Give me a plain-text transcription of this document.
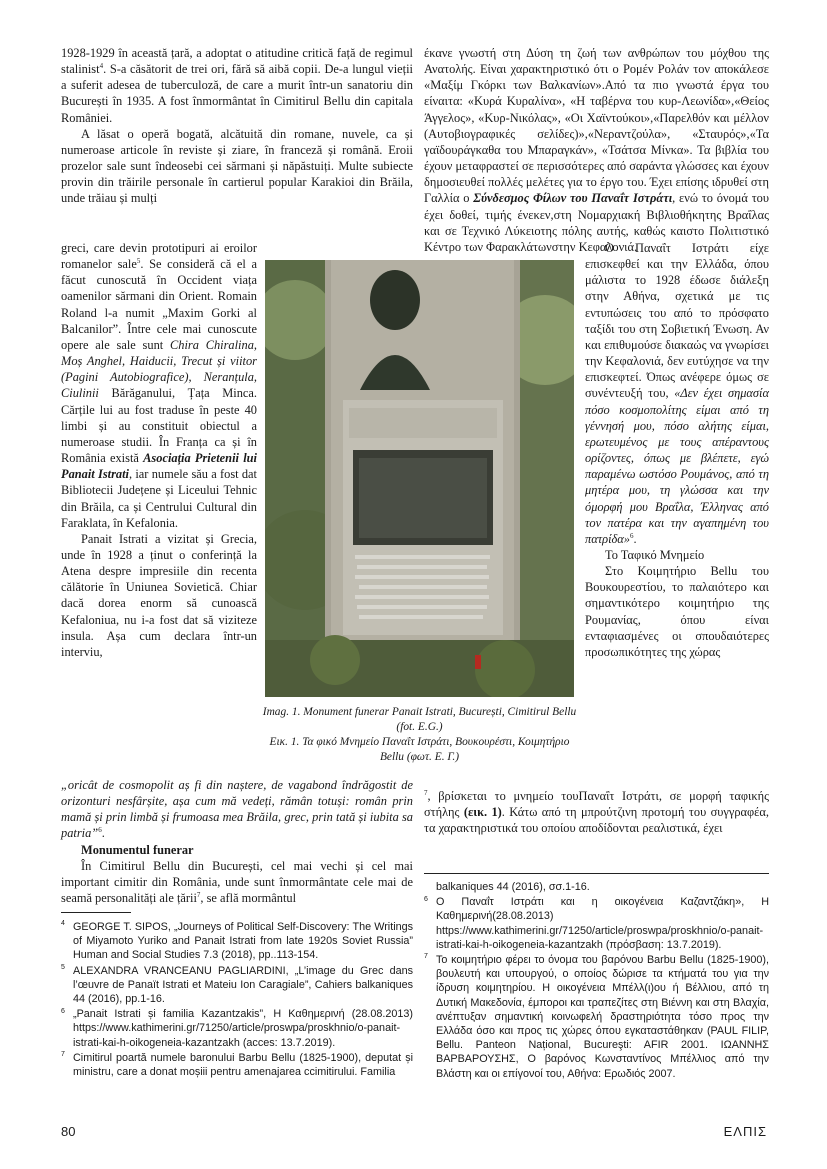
1928-1929 în această țară, a adoptat o atitudine critică față de regimul stalinist$^4$. S-a căsătorit de trei ori, fără să aibă copii. De-a lungul vieții a suferit adesea de tuberculoză, de care a murit într-un sanatoriu din București în 1935. A fost înmormântat în Cimitirul Bellu din capitala României.

A lăsat o operă bogată, alcătuită din romane, nuvele, ca și numeroase articole în reviste și ziare, în franceză și română. Eroii prozelor sale sunt îndeosebi cei sărmani și năpăstuiți. Multe subiecte provin din trăirile personale în cartierul popular Karakioi din Brăila, unde trăiau și mulți

greci, care devin prototipuri ai eroilor romanelor sale$^5$. Se consideră că el a făcut cunoscută în Occident viața oamenilor sărmani din Orient. Romain Roland l-a numit „Maxim Gorki al Balcanilor”. Între cele mai cunoscute opere ale sale sunt Chira Chiralina, Moș Anghel, Haiducii, Trecut și viitor (Pagini Autobiografice), Neranțula, Ciulinii Bărăganului, Țața Minca. Cărțile lui au fost traduse în peste 40 limbi și au constituit obiectul a numeroase studii. În Franța ca și în România există Asociația Prietenii lui Panait Istrati, iar numele său a fost dat Bibliotecii Județene și Liceului Tehnic din Brăila, ca și Centrului Cultural din Faraklata, în Kefalonia.

Panait Istrati a vizitat și Grecia, unde în 1928 a ținut o conferință la Atena despre impresiile din recenta călătorie în Uniunea Sovietică. Chiar dacă dorea enorm să cunoască Kefaloniua, nu i-a fost dat să viziteze insula. Așa cum declara într-un interviu,

„oricât de cosmopolit aș fi din naștere, de vagabond îndrăgostit de orizonturi nesfârșite, așa cum mă vedeți, rămân totuși: român prin mamă și prin limbă și frumoasa mea Brăila, grec, prin tată și iubita sa patria”$^6$.

Monumentul funerar

În Cimitirul Bellu din București, cel mai vechi și cel mai important cimitir din România, unde sunt înmormântate cele mai de seamă personalități ale țării$^7$, se află mormântul

έκανε γνωστή στη Δύση τη ζωή των ανθρώπων του μόχθου της Ανατολής. Είναι χαρακτηριστικό ότι ο Ρομέν Ρολάν τον αποκάλεσε «Μαξίμ Γκόρκι των Βαλκανίων».Από τα πιο γνωστά έργα του είναιτα: «Κυρά Κυραλίνα», «Η ταβέρνα του κυρ-Λεωνίδα»,«Θείος Άγγελος», «Κυρ-Νικόλας», «Οι Χαϊντούκοι»,«Παρελθόν και μέλλον (Αυτοβιογραφικές σελίδες)»,«Νεραντζούλα», «Σταυρός»,«Τα γαϊδουράγκαθα του Μπαραγκάν», «Τσάτσα Μίνκα». Τα βιβλία του έχουν μεταφραστεί σε περισσότερες από σαράντα γλώσσες και έχουν δημοσιευθεί πολλές μελέτες για το έργο του. Έχει επίσης ιδρυθεί στη Γαλλία ο Σύνδεσμος Φίλων του Παναΐτ Ιστράτι, ενώ το όνομά του έχει δοθεί, τιμής ένεκεν,στη Νομαρχιακή Βιβλιοθήκητης Βραΐλας και σε Τεχνικό Λύκειοτης πόλης αυτής, καθώς καιστο Πολιτιστικό Κέντρο των Φαρακλάτωνστην Κεφαλονιά.

Ο Παναΐτ Ιστράτι είχε επισκεφθεί και την Ελλάδα, όπου μάλιστα το 1928 έδωσε διάλεξη στην Αθήνα, σχετικά με τις εντυπώσεις του από το πρόσφατο ταξίδι του στη Σοβιετική Ένωση. Αν και επιθυμούσε διακαώς να γνωρίσει την Κεφαλονιά, δεν ευτύχησε να την επισκεφτεί. Όπως ανέφερε όμως σε συνέντευξή του, «Δεν έχει σημασία πόσο κοσμοπολίτης είμαι από τη γέννησή μου, πόσο αλήτης είμαι, ερωτευμένος με τους απέραντους ορίζοντες, όπως με βλέπετε, εγώ παραμένω ωστόσο Ρουμάνος, από τη μητέρα μου, τη γλώσσα και την όμορφή μου Βραΐλα, Έλληνας από τον πατέρα και την αγαπημένη του πατρίδα»$^6$.

Το Ταφικό Μνημείο

Στο Κοιμητήριο Bellu του Βουκουρεστίου, το παλαιότερο και σημαντικότερο κοιμητήριο της Ρουμανίας, όπου είναι ενταφιασμένες οι σπουδαιότερες προσωπικότητες της χώρας

$^7$, βρίσκεται το μνημείο τουΠαναΐτ Ιστράτι, σε μορφή ταφικής στήλης (εικ. 1). Κάτω από τη μπρούτζινη προτομή του συγγραφέα, τα χαρακτηριστικά του οποίου αποδίδονται ρεαλιστικά, έχει

Imag. 1. Monument funerar Panait Istrati, București, Cimitirul Bellu (fot. E.G.)

Εικ. 1. Τα φικό Μνημείο Παναΐτ Ιστράτι, Βουκουρέστι, Κοιμητήριο Bellu (φωτ. Ε. Γ.)

4 GEORGE T. SIPOS, „Journeys of Political Self-Discovery: The Writings of Miyamoto Yuriko and Panait Istrati from late 1920s Soviet Russia” Human and Social Studies 7.3 (2018), pp..113-154.

5 ALEXANDRA VRANCEANU PAGLIARDINI, „L’image du Grec dans l’œuvre de Panaït Istrati et Mateiu Ion Caragiale”, Cahiers balkaniques 44 (2016), pp.1-16.

6 „Panait Istrati și familia Kazantzakis”, Η Καθημερινή (28.08.2013) https://www.kathimerini.gr/71250/article/proswpa/proskhnio/o-panait-istrati-kai-h-oikogeneia-kazantzakh (acces: 13.7.2019).

7 Cimitirul poartă numele baronului Barbu Bellu (1825-1900), deputat și ministru, care a donat moșiii pentru amenajarea ccimitirului. Familia

balkaniques 44 (2016), σσ.1-16.

6 Ο Παναΐτ Ιστράτι και η οικογένεια Καζαντζάκη», Η Καθημερινή(28.08.2013) https://www.kathimerini.gr/71250/article/proswpa/proskhnio/o-panait-istrati-kai-h-oikogeneia-kazantzakh (πρόσβαση: 13.7.2019).

7 Το κοιμητήριο φέρει το όνομα του βαρόνου Barbu Bellu (1825-1900), βουλευτή και υπουργού, ο οποίος δώρισε τα κτήματά του για την ίδρυση κοιμητηρίου. Η οικογένεια Μπέλλ(ι)ου ή Βέλλιου, από τη Δυτική Μακεδονία, έμποροι και τραπεζίτες στη Βιέννη και στη Βλαχία, ανέπτυξαν σημαντική κοινωφελή δραστηριότητα τόσο προς την Ελλάδα όσο και προς τις χώρες όπου εγκαταστάθηκαν (PAUL FILIP, Bellu. Panteon Național, Bucureşti: AFIR 2001. ΙΩΑΝΝΗΣ ΒΑΡΒΑΡΟΥΣΗΣ, Ο βαρόνος Κωνσταντίνος Μπέλλιος από την Βλάστη και οι επίγονοί του, Αθήνα: Ερωδιός 2007.

80	ΕΛΠΙΣ
